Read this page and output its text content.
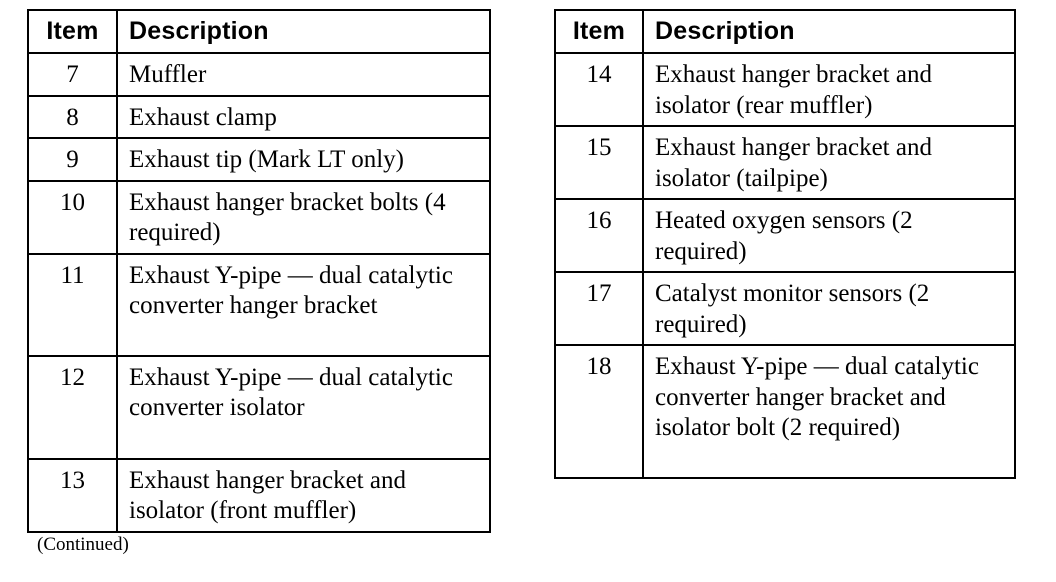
Item	Description
7	Muffler
8	Exhaust clamp
9	Exhaust tip (Mark LT only)
10	Exhaust hanger bracket bolts (4 required)
11	Exhaust Y-pipe — dual catalytic converter hanger bracket
12	Exhaust Y-pipe — dual catalytic converter isolator
13	Exhaust hanger bracket and isolator (front muffler)
Item	Description
14	Exhaust hanger bracket and isolator (rear muffler)
15	Exhaust hanger bracket and isolator (tailpipe)
16	Heated oxygen sensors (2 required)
17	Catalyst monitor sensors (2 required)
18	Exhaust Y-pipe — dual catalytic converter hanger bracket and isolator bolt (2 required)
(Continued)
